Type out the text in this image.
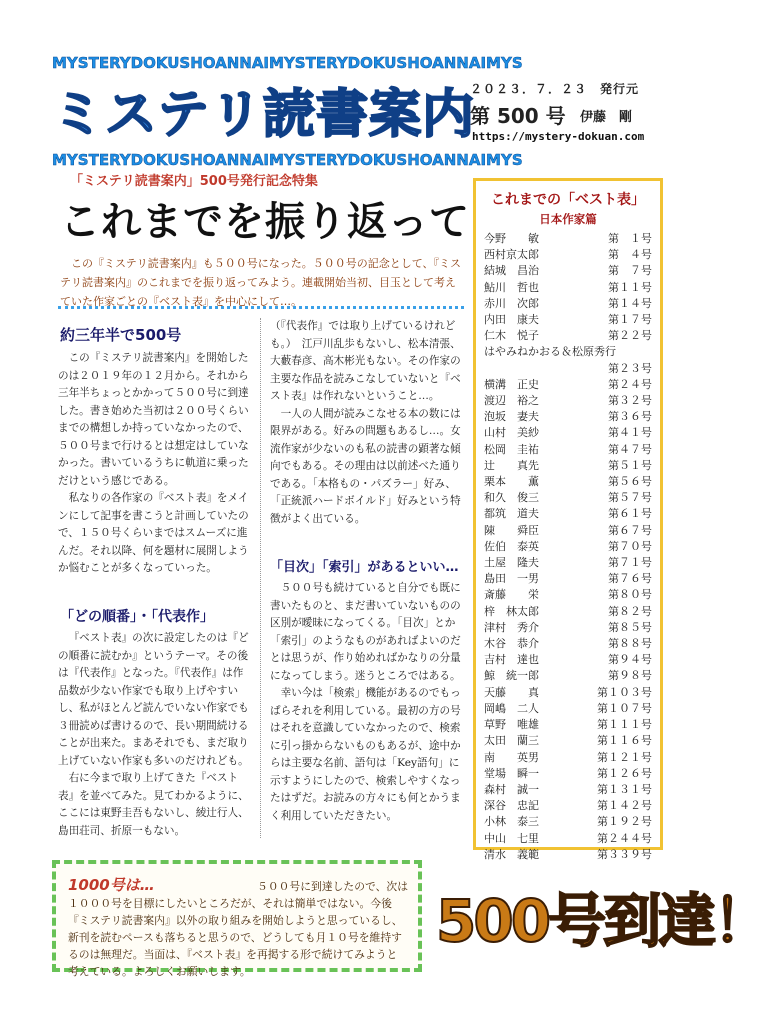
MYSTERYDOKUSHOANNAIMYSTERYDOKUSHOANNAIMYS
MYSTERYDOKUSHOANNAIMYSTERYDOKUSHOANNAIMYS
ミステリ読書案内
２０２３．７．２３　発行元
第 500 号 伊藤　剛
https://mystery-dokuan.com
「ミステリ読書案内」500号発行記念特集
これまでを振り返って
　この『ミステリ読書案内』も５００号になった。５００号の記念として、『ミステリ読書案内』のこれまでを振り返ってみよう。連載開始当初、目玉として考えていた作家ごとの『ベスト表』を中心にして…。
約三年半で500号

この『ミステリ読書案内』を開始したのは２０１９年の１２月から。それから三年半ちょっとかかって５００号に到達した。書き始めた当初は２００号くらいまでの構想しか持っていなかったので、５００号まで行けるとは想定はしていなかった。書いているうちに軌道に乗っただけという感じである。

私なりの各作家の『ベスト表』をメインにして記事を書こうと計画していたので、１５０号くらいまではスムーズに進んだ。それ以降、何を題材に展開しようか悩むことが多くなっていった。

「どの順番」・「代表作」

『ベスト表』の次に設定したのは『どの順番に読むか』というテーマ。その後は『代表作』となった。『代表作』は作品数が少ない作家でも取り上げやすいし、私がほとんど読んでいない作家でも３冊読めば書けるので、長い期間続けることが出来た。まあそれでも、まだ取り上げていない作家も多いのだけれども。

右に今まで取り上げてきた『ベスト表』を並べてみた。見てわかるように、ここには東野圭吾もないし、綾辻行人、島田荘司、折原一もない。

（『代表作』では取り上げているけれども。）　江戸川乱歩もないし、松本清張、大藪春彦、高木彬光もない。その作家の主要な作品を読みこなしていないと『ベスト表』は作れないということ…。

一人の人間が読みこなせる本の数には限界がある。好みの問題もあるし…。女流作家が少ないのも私の読書の顕著な傾向でもある。その理由は以前述べた通りである。「本格もの・パズラー」好み、「正統派ハードボイルド」好みという特徴がよく出ている。

「目次」「索引」があるといい…

５００号も続けていると自分でも既に書いたものと、まだ書いていないものの区別が曖昧になってくる。「目次」とか「索引」のようなものがあればよいのだとは思うが、作り始めればかなりの分量になってしまう。迷うところではある。

幸い今は「検索」機能があるのでもっぱらそれを利用している。最初の方の号はそれを意識していなかったので、検索に引っ掛からないものもあるが、途中からは主要な名前、語句は「Key語句」に示すようにしたので、検索しやすくなったはずだ。お読みの方々にも何とかうまく利用していただきたい。

これまでの「ベスト表」
日本作家篇
今野　　敏	第　１号
西村京太郎	第　４号
結城　昌治	第　７号
鮎川　哲也	第１１号
赤川　次郎	第１４号
内田　康夫	第１７号
仁木　悦子	第２２号
はやみねかおる＆松原秀行
第２３号
横溝　正史	第２４号
渡辺　裕之	第３２号
泡坂　妻夫	第３６号
山村　美紗	第４１号
松岡　圭祐	第４７号
辻　　真先	第５１号
栗本　　薫	第５６号
和久　俊三	第５７号
都筑　道夫	第６１号
陳　　舜臣	第６７号
佐伯　泰英	第７０号
土屋　隆夫	第７１号
島田　一男	第７６号
斎藤　　栄	第８０号
梓　林太郎	第８２号
津村　秀介	第８５号
木谷　恭介	第８８号
吉村　達也	第９４号
鯨　統一郎	第９８号
天藤　　真	第１０３号
岡嶋　二人	第１０７号
草野　唯雄	第１１１号
太田　蘭三	第１１６号
南　　英男	第１２１号
堂場　瞬一	第１２６号
森村　誠一	第１３１号
深谷　忠記	第１４２号
小林　泰三	第１９２号
中山　七里	第２４４号
清水　義範	第３３９号
1000号は…	５００号に到達したので、次は
１０００号を目標にしたいところだが、それは簡単ではない。今後『ミステリ読書案内』以外の取り組みを開始しようと思っているし、新刊を読むペースも落ちると思うので、どうしても月１０号を維持するのは無理だ。当面は、『ベスト表』を再掲する形で続けてみようと考えている。よろしくお願いします。
500号到達！
